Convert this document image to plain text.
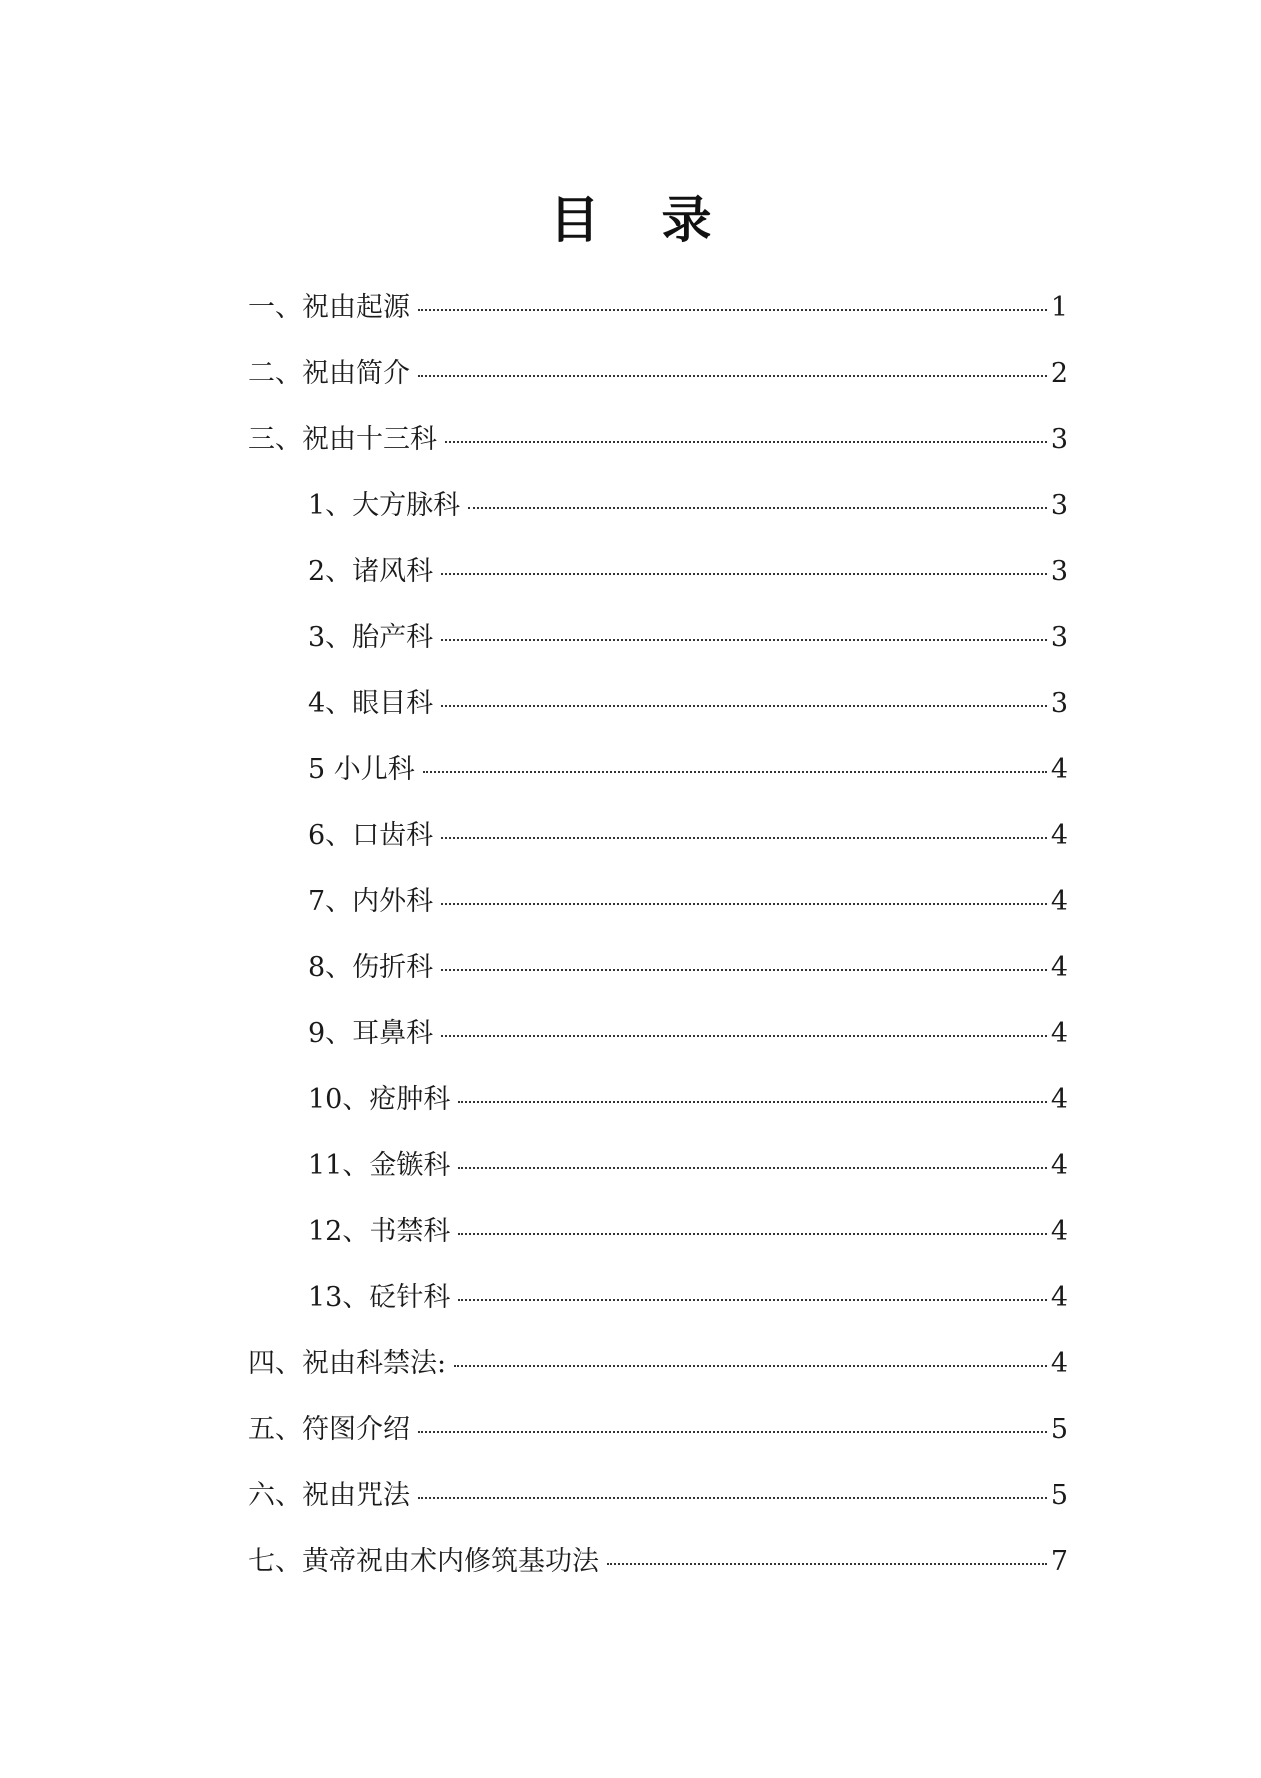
目录
一、祝由起源	1
二、祝由简介	2
三、祝由十三科	3
1、大方脉科	3
2、诸风科	3
3、胎产科	3
4、眼目科	3
5 小儿科	4
6、口齿科	4
7、内外科	4
8、伤折科	4
9、耳鼻科	4
10、疮肿科	4
11、金镞科	4
12、书禁科	4
13、砭针科	4
四、祝由科禁法:	4
五、符图介绍	5
六、祝由咒法	5
七、黄帝祝由术内修筑基功法	7
